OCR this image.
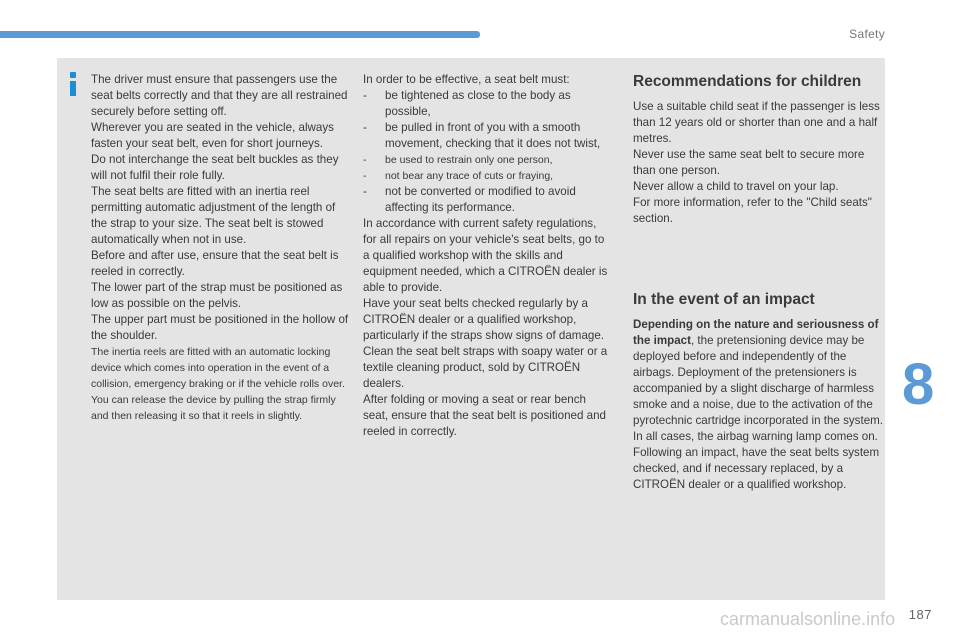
Safety

The driver must ensure that passengers use the seat belts correctly and that they are all restrained securely before setting off.

Wherever you are seated in the vehicle, always fasten your seat belt, even for short journeys.

Do not interchange the seat belt buckles as they will not fulfil their role fully.

The seat belts are fitted with an inertia reel permitting automatic adjustment of the length of the strap to your size. The seat belt is stowed automatically when not in use.

Before and after use, ensure that the seat belt is reeled in correctly.

The lower part of the strap must be positioned as low as possible on the pelvis.

The upper part must be positioned in the hollow of the shoulder.

The inertia reels are fitted with an automatic locking device which comes into operation in the event of a collision, emergency braking or if the vehicle rolls over. You can release the device by pulling the strap firmly and then releasing it so that it reels in slightly.

In order to be effective, a seat belt must:

-	be tightened as close to the body as possible,
-	be pulled in front of you with a smooth movement, checking that it does not twist,
-	be used to restrain only one person,
-	not bear any trace of cuts or fraying,
-	not be converted or modified to avoid affecting its performance.

In accordance with current safety regulations, for all repairs on your vehicle's seat belts, go to a qualified workshop with the skills and equipment needed, which a CITROËN dealer is able to provide.

Have your seat belts checked regularly by a CITROËN dealer or a qualified workshop, particularly if the straps show signs of damage.

Clean the seat belt straps with soapy water or a textile cleaning product, sold by CITROËN dealers.

After folding or moving a seat or rear bench seat, ensure that the seat belt is positioned and reeled in correctly.

Recommendations for children

Use a suitable child seat if the passenger is less than 12 years old or shorter than one and a half metres.

Never use the same seat belt to secure more than one person.

Never allow a child to travel on your lap.

For more information, refer to the "Child seats" section.

In the event of an impact

Depending on the nature and seriousness of the impact, the pretensioning device may be deployed before and independently of the airbags. Deployment of the pretensioners is accompanied by a slight discharge of harmless smoke and a noise, due to the activation of the pyrotechnic cartridge incorporated in the system.

In all cases, the airbag warning lamp comes on.

Following an impact, have the seat belts system checked, and if necessary replaced, by a CITROËN dealer or a qualified workshop.

8
carmanualsonline.info 187
